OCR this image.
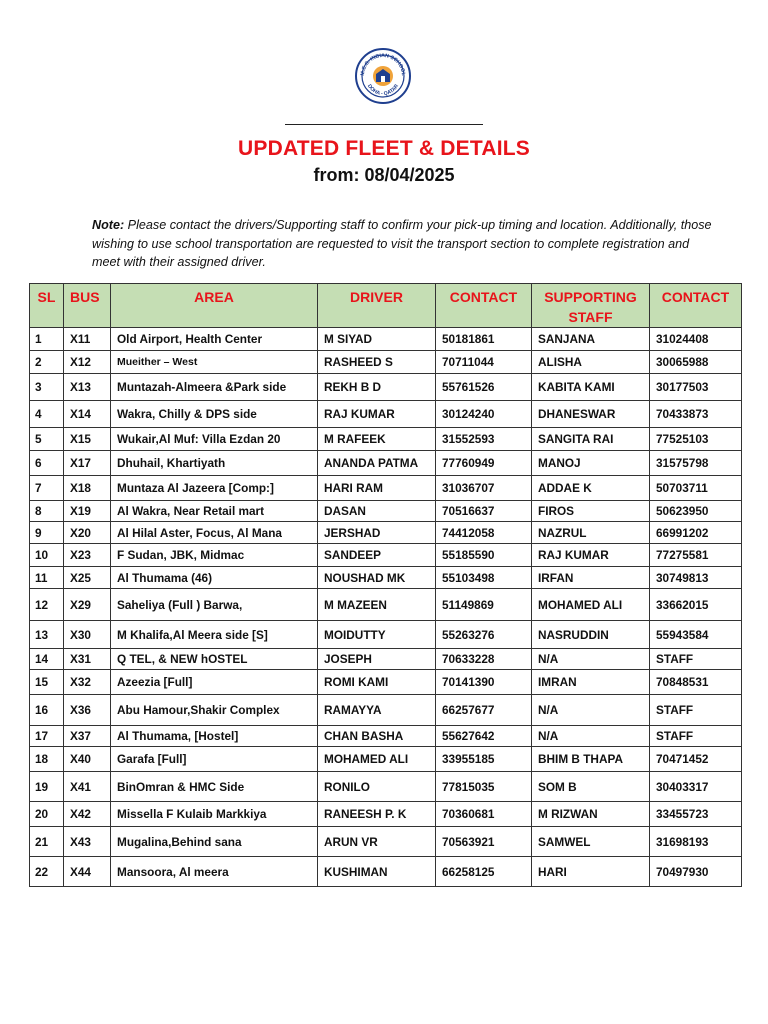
M.E.S. INDIAN SCHOOL
DOHA - QATAR
UPDATED FLEET & DETAILS
from: 08/04/2025
Note: Please contact the drivers/Supporting staff to confirm your pick-up timing and location. Additionally, those wishing to use school transportation are requested to visit the transport section to complete registration and meet with their assigned driver.
SL	BUS	AREA	DRIVER	CONTACT	SUPPORTING STAFF	CONTACT
1	X11	Old Airport, Health Center	M SIYAD	50181861	SANJANA	31024408
2	X12	Mueither – West	RASHEED S	70711044	ALISHA	30065988
3	X13	Muntazah-Almeera &Park side	REKH B D	55761526	KABITA KAMI	30177503
4	X14	Wakra, Chilly & DPS side	RAJ KUMAR	30124240	DHANESWAR	70433873
5	X15	Wukair,Al Muf: Villa Ezdan 20	M RAFEEK	31552593	SANGITA RAI	77525103
6	X17	Dhuhail, Khartiyath	ANANDA PATMA	77760949	MANOJ	31575798
7	X18	Muntaza Al Jazeera [Comp:]	HARI RAM	31036707	ADDAE K	50703711
8	X19	Al Wakra, Near Retail mart	DASAN	70516637	FIROS	50623950
9	X20	Al Hilal Aster, Focus, Al Mana	JERSHAD	74412058	NAZRUL	66991202
10	X23	F Sudan, JBK, Midmac	SANDEEP	55185590	RAJ KUMAR	77275581
11	X25	Al Thumama (46)	NOUSHAD MK	55103498	IRFAN	30749813
12	X29	Saheliya (Full ) Barwa,	M MAZEEN	51149869	MOHAMED ALI	33662015
13	X30	M Khalifa,Al Meera side [S]	MOIDUTTY	55263276	NASRUDDIN	55943584
14	X31	Q TEL, & NEW hOSTEL	JOSEPH	70633228	N/A	STAFF
15	X32	Azeezia [Full]	ROMI KAMI	70141390	IMRAN	70848531
16	X36	Abu Hamour,Shakir Complex	RAMAYYA	66257677	N/A	STAFF
17	X37	Al Thumama, [Hostel]	CHAN BASHA	55627642	N/A	STAFF
18	X40	Garafa [Full]	MOHAMED ALI	33955185	BHIM B THAPA	70471452
19	X41	BinOmran & HMC Side	RONILO	77815035	SOM B	30403317
20	X42	Missella F Kulaib Markkiya	RANEESH P. K	70360681	M RIZWAN	33455723
21	X43	Mugalina,Behind sana	ARUN VR	70563921	SAMWEL	31698193
22	X44	Mansoora, Al meera	KUSHIMAN	66258125	HARI	70497930
